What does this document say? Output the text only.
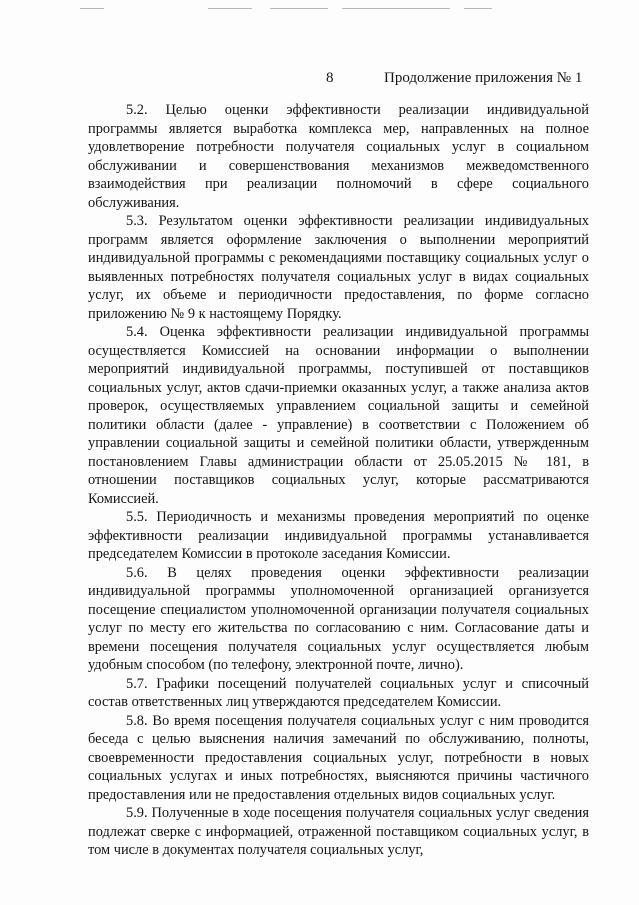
8	Продолжение приложения № 1

5.2. Целью оценки эффективности реализации индивидуальной программы является выработка комплекса мер, направленных на полное удовлетворение потребности получателя социальных услуг в социальном обслуживании и совершенствования механизмов межведомственного взаимодействия при реализации полномочий в сфере социального обслуживания.

5.3. Результатом оценки эффективности реализации индивидуальных программ является оформление заключения о выполнении мероприятий индивидуальной программы с рекомендациями поставщику социальных услуг о выявленных потребностях получателя социальных услуг в видах социальных услуг, их объеме и периодичности предоставления, по форме согласно приложению № 9 к настоящему Порядку.

5.4. Оценка эффективности реализации индивидуальной программы осуществляется Комиссией на основании информации о выполнении мероприятий индивидуальной программы, поступившей от поставщиков социальных услуг, актов сдачи-приемки оказанных услуг, а также анализа актов проверок, осуществляемых управлением социальной защиты и семейной политики области (далее - управление) в соответствии с Положением об управлении социальной защиты и семейной политики области, утвержденным постановлением Главы администрации области от 25.05.2015 № 181, в отношении поставщиков социальных услуг, которые рассматриваются Комиссией.

5.5. Периодичность и механизмы проведения мероприятий по оценке эффективности реализации индивидуальной программы устанавливается председателем Комиссии в протоколе заседания Комиссии.

5.6. В целях проведения оценки эффективности реализации индивидуальной программы уполномоченной организацией организуется посещение специалистом уполномоченной организации получателя социальных услуг по месту его жительства по согласованию с ним. Согласование даты и времени посещения получателя социальных услуг осуществляется любым удобным способом (по телефону, электронной почте, лично).

5.7. Графики посещений получателей социальных услуг и списочный состав ответственных лиц утверждаются председателем Комиссии.

5.8. Во время посещения получателя социальных услуг с ним проводится беседа с целью выяснения наличия замечаний по обслуживанию, полноты, своевременности предоставления социальных услуг, потребности в новых социальных услугах и иных потребностях, выясняются причины частичного предоставления или не предоставления отдельных видов социальных услуг.

5.9. Полученные в ходе посещения получателя социальных услуг сведения подлежат сверке с информацией, отраженной поставщиком социальных услуг, в том числе в документах получателя социальных услуг,
